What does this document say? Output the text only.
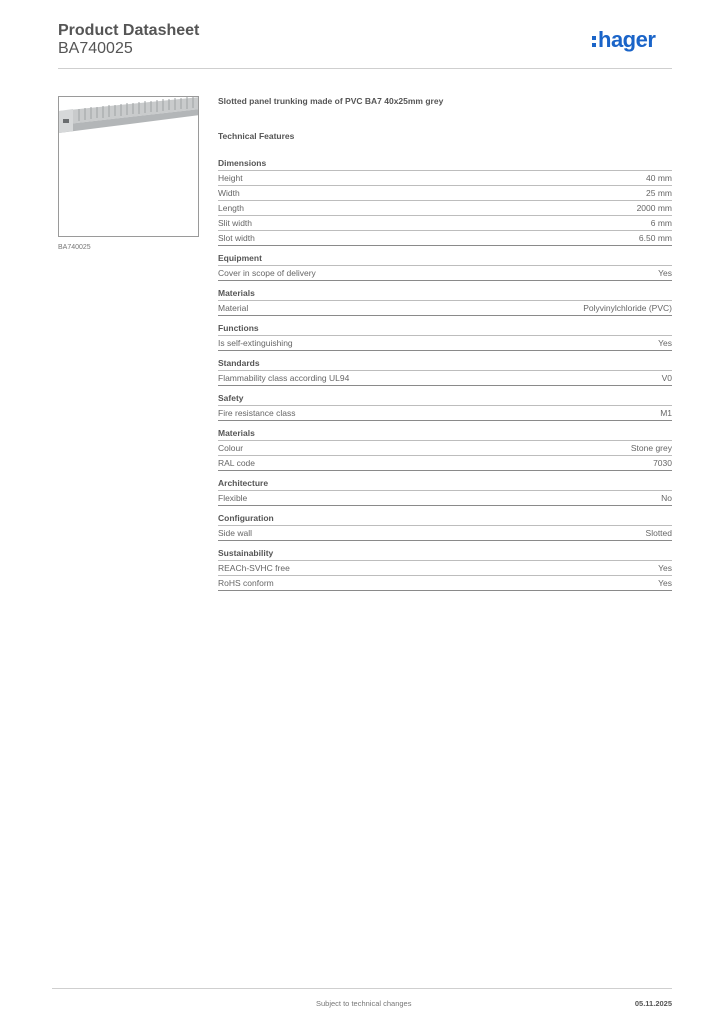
Product Datasheet
BA740025	hager
BA740025
Slotted panel trunking made of PVC BA7 40x25mm grey
Technical Features
Dimensions
Height	40 mm
Width	25 mm
Length	2000 mm
Slit width	6 mm
Slot width	6.50 mm
Equipment
Cover in scope of delivery	Yes
Materials
Material	Polyvinylchloride (PVC)
Functions
Is self-extinguishing	Yes
Standards
Flammability class according UL94	V0
Safety
Fire resistance class	M1
Materials
Colour	Stone grey
RAL code	7030
Architecture
Flexible	No
Configuration
Side wall	Slotted
Sustainability
REACh-SVHC free	Yes
RoHS conform	Yes
Subject to technical changes	05.11.2025
